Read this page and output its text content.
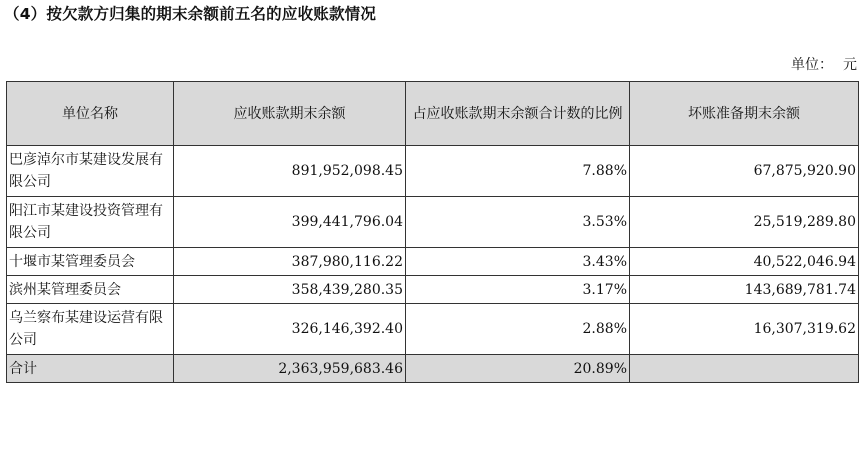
（4）按欠款方归集的期末余额前五名的应收账款情况
单位： 元
单位名称	应收账款期末余额	占应收账款期末余额合计数的比例	坏账准备期末余额
巴彦淖尔市某建设发展有限公司	891,952,098.45	7.88%	67,875,920.90
阳江市某建设投资管理有限公司	399,441,796.04	3.53%	25,519,289.80
十堰市某管理委员会	387,980,116.22	3.43%	40,522,046.94
滨州某管理委员会	358,439,280.35	3.17%	143,689,781.74
乌兰察布某建设运营有限公司	326,146,392.40	2.88%	16,307,319.62
合计	2,363,959,683.46	20.89%	
